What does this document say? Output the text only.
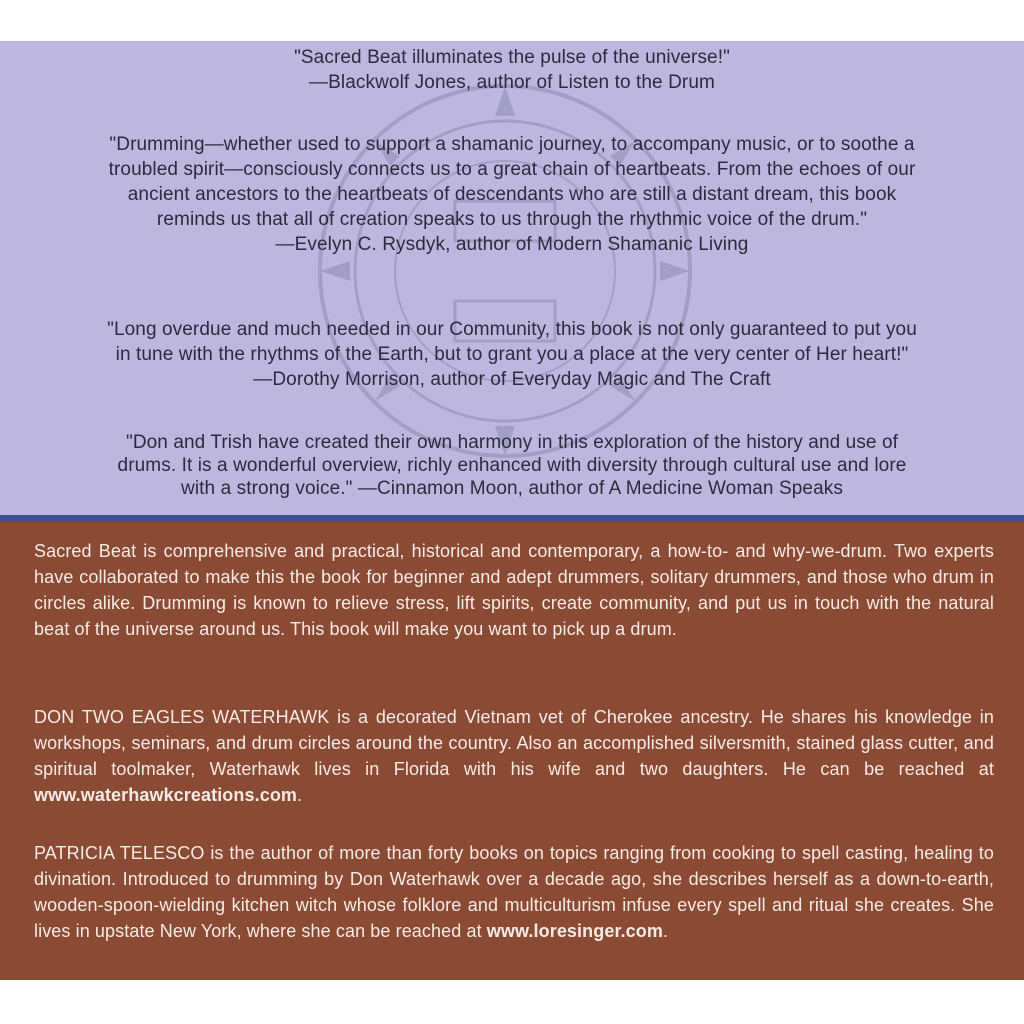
"Sacred Beat illuminates the pulse of the universe!"

—Blackwolf Jones, author of Listen to the Drum

"Drumming—whether used to support a shamanic journey, to accompany music, or to soothe a

troubled spirit—consciously connects us to a great chain of heartbeats. From the echoes of our

ancient ancestors to the heartbeats of descendants who are still a distant dream, this book

reminds us that all of creation speaks to us through the rhythmic voice of the drum."

—Evelyn C. Rysdyk, author of Modern Shamanic Living

"Long overdue and much needed in our Community, this book is not only guaranteed to put you

in tune with the rhythms of the Earth, but to grant you a place at the very center of Her heart!"

—Dorothy Morrison, author of Everyday Magic and The Craft

"Don and Trish have created their own harmony in this exploration of the history and use of

drums. It is a wonderful overview, richly enhanced with diversity through cultural use and lore

with a strong voice." —Cinnamon Moon, author of A Medicine Woman Speaks

Sacred Beat is comprehensive and practical, historical and contemporary, a how-to- and why-we-drum. Two experts have collaborated to make this the book for beginner and adept drummers, solitary drummers, and those who drum in circles alike. Drumming is known to relieve stress, lift spirits, create community, and put us in touch with the natural beat of the universe around us. This book will make you want to pick up a drum.

DON TWO EAGLES WATERHAWK is a decorated Vietnam vet of Cherokee ancestry. He shares his knowledge in workshops, seminars, and drum circles around the country. Also an accomplished silversmith, stained glass cutter, and spiritual toolmaker, Waterhawk lives in Florida with his wife and two daughters. He can be reached at www.waterhawkcreations.com.

PATRICIA TELESCO is the author of more than forty books on topics ranging from cooking to spell casting, healing to divination. Introduced to drumming by Don Waterhawk over a decade ago, she describes herself as a down-to-earth, wooden-spoon-wielding kitchen witch whose folklore and multiculturism infuse every spell and ritual she creates. She lives in upstate New York, where she can be reached at www.loresinger.com.
